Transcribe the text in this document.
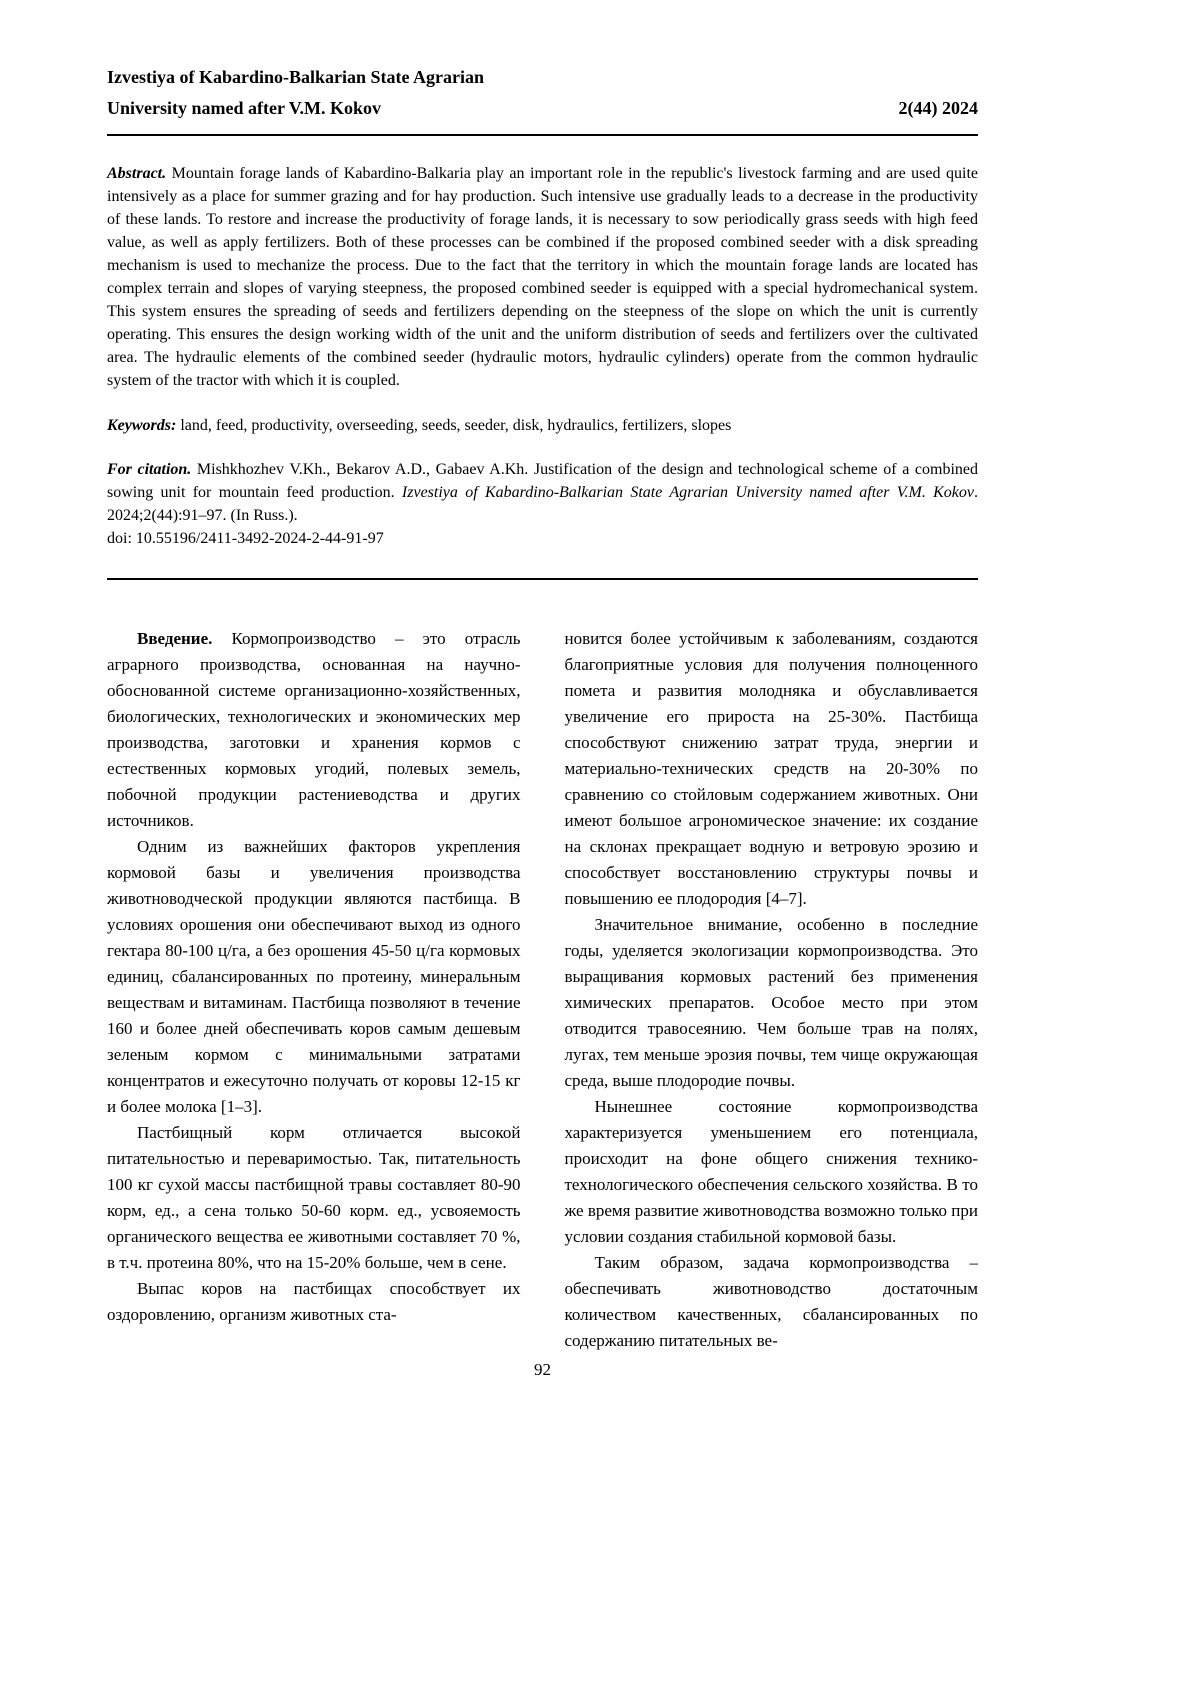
Izvestiya of Kabardino-Balkarian State Agrarian
University named after V.M. Kokov	2(44) 2024

Abstract. Mountain forage lands of Kabardino-Balkaria play an important role in the republic's livestock farming and are used quite intensively as a place for summer grazing and for hay production. Such intensive use gradually leads to a decrease in the productivity of these lands. To restore and increase the productivity of forage lands, it is necessary to sow periodically grass seeds with high feed value, as well as apply fertilizers. Both of these processes can be combined if the proposed combined seeder with a disk spreading mechanism is used to mechanize the process. Due to the fact that the territory in which the mountain forage lands are located has complex terrain and slopes of varying steepness, the proposed combined seeder is equipped with a special hydromechanical system. This system ensures the spreading of seeds and fertilizers depending on the steepness of the slope on which the unit is currently operating. This ensures the design working width of the unit and the uniform distribution of seeds and fertilizers over the cultivated area. The hydraulic elements of the combined seeder (hydraulic motors, hydraulic cylinders) operate from the common hydraulic system of the tractor with which it is coupled.

Keywords: land, feed, productivity, overseeding, seeds, seeder, disk, hydraulics, fertilizers, slopes

For citation. Mishkhozhev V.Kh., Bekarov A.D., Gabaev A.Kh. Justification of the design and technological scheme of a combined sowing unit for mountain feed production. Izvestiya of Kabardino-Balkarian State Agrarian University named after V.M. Kokov. 2024;2(44):91–97. (In Russ.).

doi: 10.55196/2411-3492-2024-2-44-91-97

Введение. Кормопроизводство – это отрасль аграрного производства, основанная на научно-обоснованной системе организационно-хозяйственных, биологических, технологических и экономических мер производства, заготовки и хранения кормов с естественных кормовых угодий, полевых земель, побочной продукции растениеводства и других источников.

Одним из важнейших факторов укрепления кормовой базы и увеличения производства животноводческой продукции являются пастбища. В условиях орошения они обеспечивают выход из одного гектара 80-100 ц/га, а без орошения 45-50 ц/га кормовых единиц, сбалансированных по протеину, минеральным веществам и витаминам. Пастбища позволяют в течение 160 и более дней обеспечивать коров самым дешевым зеленым кормом с минимальными затратами концентратов и ежесуточно получать от коровы 12-15 кг и более молока [1–3].

Пастбищный корм отличается высокой питательностью и переваримостью. Так, питательность 100 кг сухой массы пастбищной травы составляет 80-90 корм, ед., а сена только 50-60 корм. ед., усвояемость органического вещества ее животными составляет 70 %, в т.ч. протеина 80%, что на 15-20% больше, чем в сене.

Выпас коров на пастбищах способствует их оздоровлению, организм животных ста-

новится более устойчивым к заболеваниям, создаются благоприятные условия для получения полноценного помета и развития молодняка и обуславливается увеличение его прироста на 25-30%. Пастбища способствуют снижению затрат труда, энергии и материально-технических средств на 20-30% по сравнению со стойловым содержанием животных. Они имеют большое агрономическое значение: их создание на склонах прекращает водную и ветровую эрозию и способствует восстановлению структуры почвы и повышению ее плодородия [4–7].

Значительное внимание, особенно в последние годы, уделяется экологизации кормопроизводства. Это выращивания кормовых растений без применения химических препаратов. Особое место при этом отводится травосеянию. Чем больше трав на полях, лугах, тем меньше эрозия почвы, тем чище окружающая среда, выше плодородие почвы.

Нынешнее состояние кормопроизводства характеризуется уменьшением его потенциала, происходит на фоне общего снижения технико-технологического обеспечения сельского хозяйства. В то же время развитие животноводства возможно только при условии создания стабильной кормовой базы.

Таким образом, задача кормопроизводства – обеспечивать животноводство достаточным количеством качественных, сбалансированных по содержанию питательных ве-

92
